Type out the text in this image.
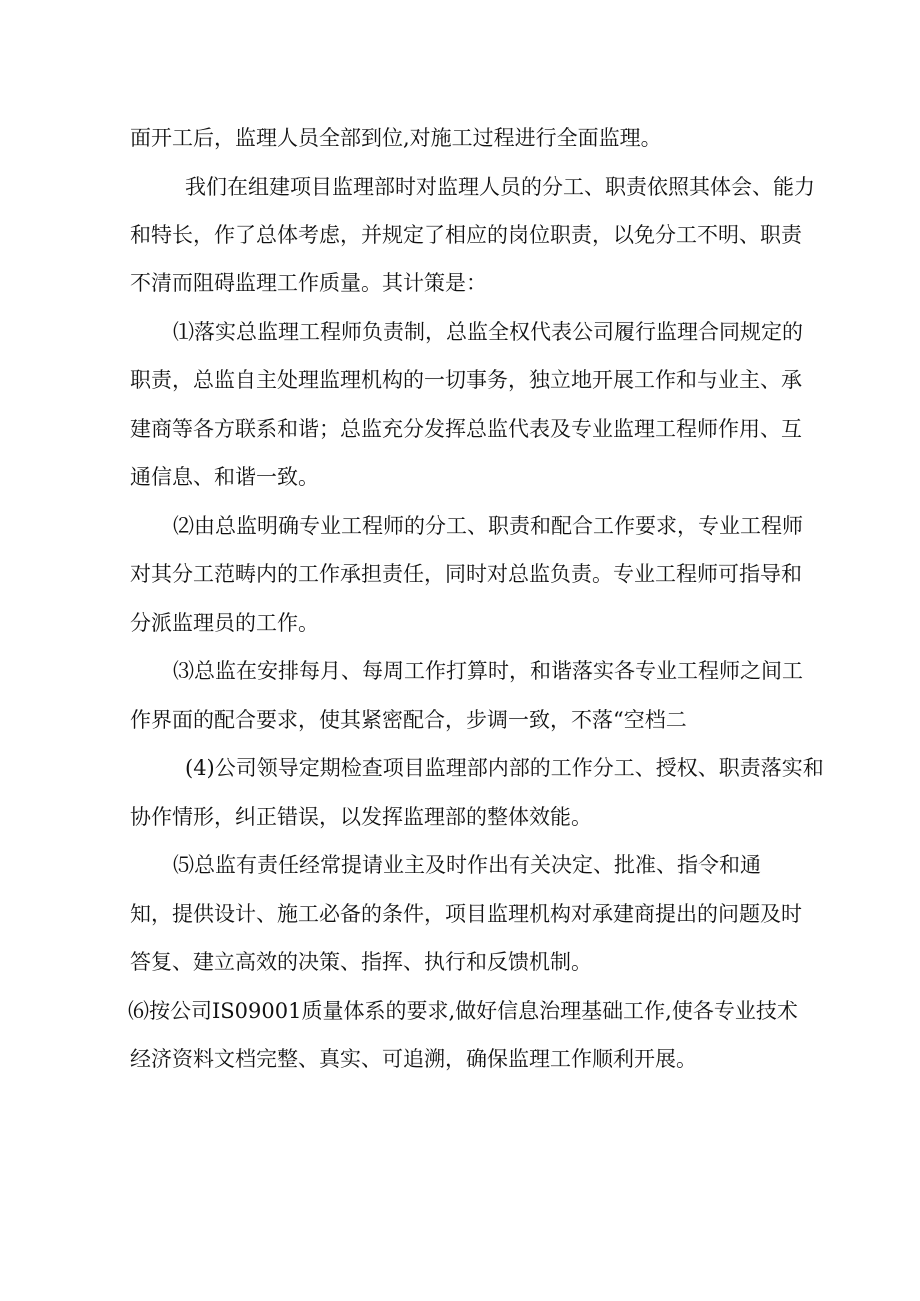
面开工后，监理人员全部到位,对施工过程进行全面监理。
我们在组建项目监理部时对监理人员的分工、职责依照其体会、能力
和特长，作了总体考虑，并规定了相应的岗位职责，以免分工不明、职责
不清而阻碍监理工作质量。其计策是：
⑴落实总监理工程师负责制，总监全权代表公司履行监理合同规定的
职责，总监自主处理监理机构的一切事务，独立地开展工作和与业主、承
建商等各方联系和谐；总监充分发挥总监代表及专业监理工程师作用、互
通信息、和谐一致。
⑵由总监明确专业工程师的分工、职责和配合工作要求，专业工程师
对其分工范畴内的工作承担责任，同时对总监负责。专业工程师可指导和
分派监理员的工作。
⑶总监在安排每月、每周工作打算时，和谐落实各专业工程师之间工
作界面的配合要求，使其紧密配合，步调一致，不落“空档二
(4)公司领导定期检查项目监理部内部的工作分工、授权、职责落实和
协作情形，纠正错误，以发挥监理部的整体效能。
⑸总监有责任经常提请业主及时作出有关决定、批准、指令和通
知，提供设计、施工必备的条件，项目监理机构对承建商提出的问题及时
答复、建立高效的决策、指挥、执行和反馈机制。
⑹按公司IS09001质量体系的要求,做好信息治理基础工作,使各专业技术
经济资料文档完整、真实、可追溯，确保监理工作顺利开展。
